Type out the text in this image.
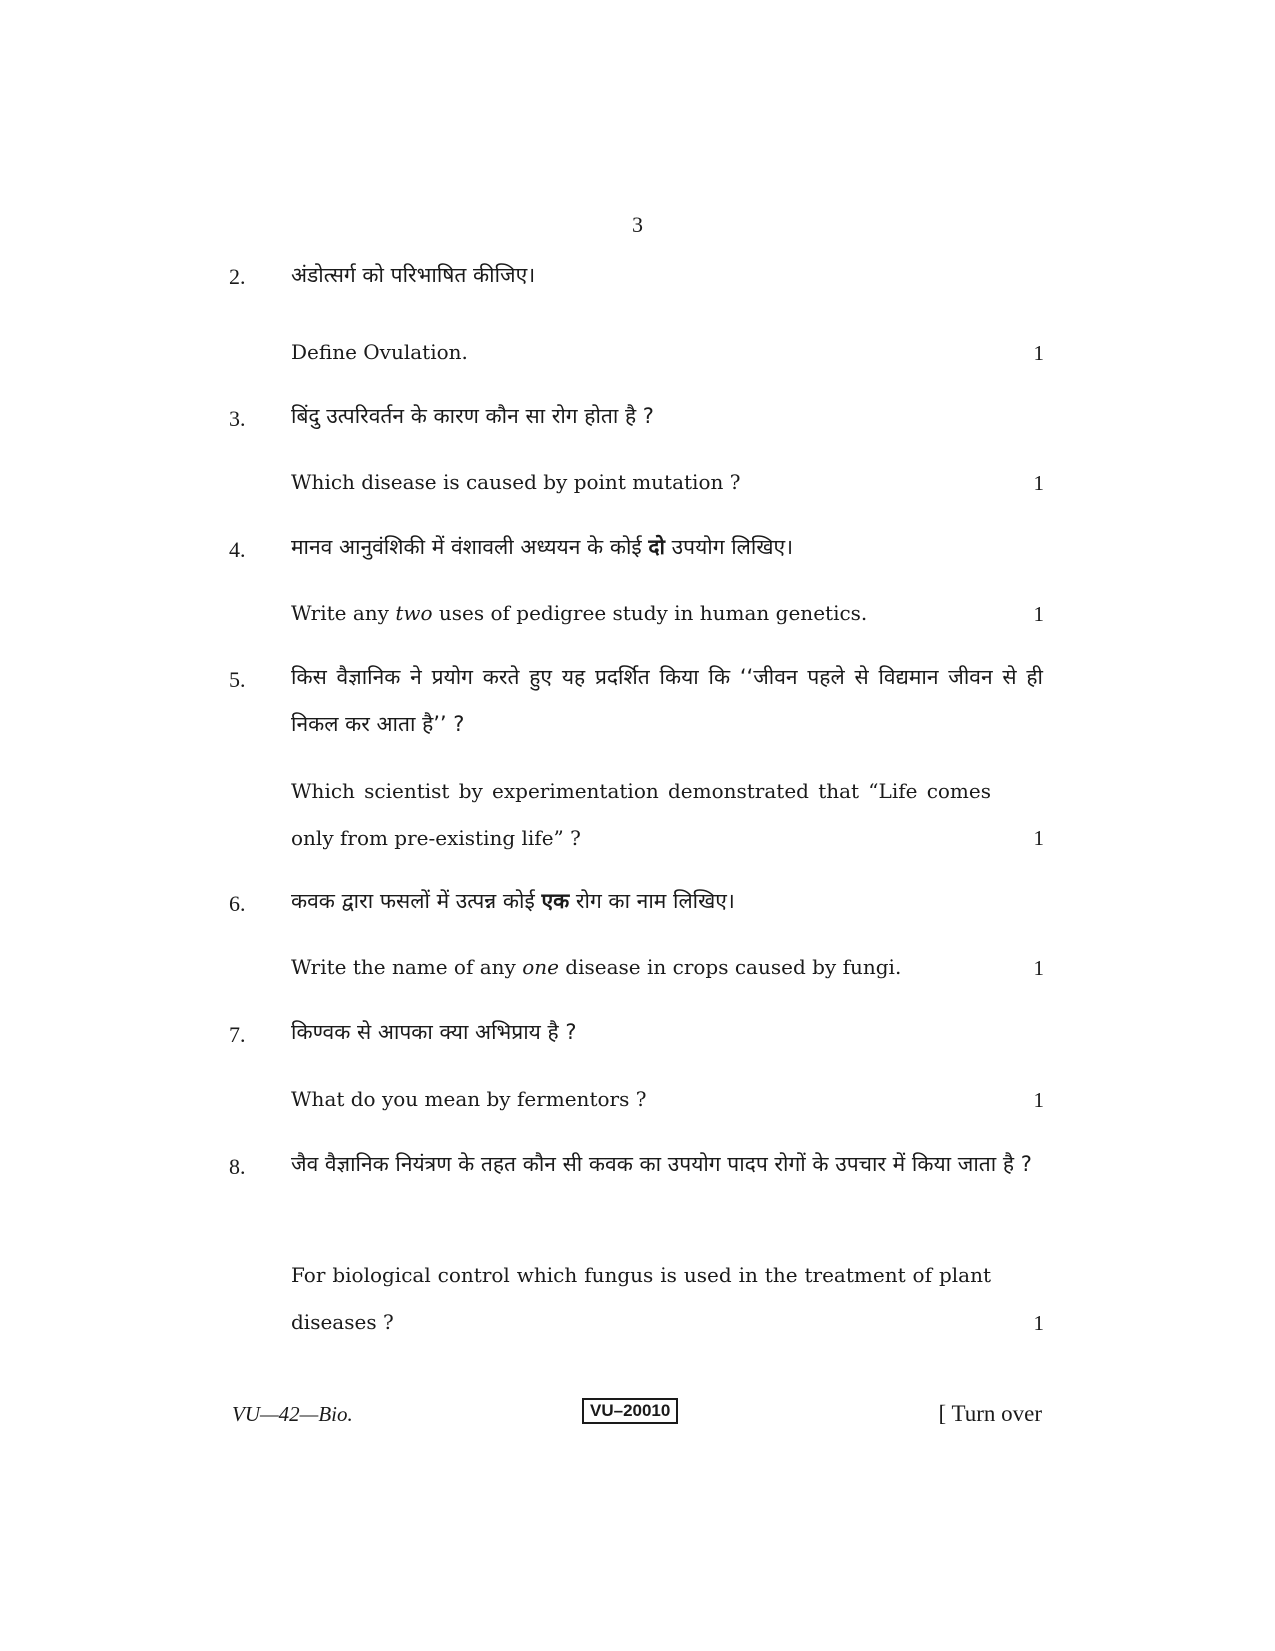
3
2. अंडोत्सर्ग को परिभाषित कीजिए।
Define Ovulation.	1
3. बिंदु उत्परिवर्तन के कारण कौन सा रोग होता है ?
Which disease is caused by point mutation ?	1
4. मानव आनुवंशिकी में वंशावली अध्ययन के कोई दो उपयोग लिखिए।
Write any two uses of pedigree study in human genetics.	1
5. किस वैज्ञानिक ने प्रयोग करते हुए यह प्रदर्शित किया कि ‘‘जीवन पहले से विद्यमान जीवन से ही निकल कर आता है’’ ?
Which scientist by experimentation demonstrated that “Life comes only from pre-existing life” ?	1
6. कवक द्वारा फसलों में उत्पन्न कोई एक रोग का नाम लिखिए।
Write the name of any one disease in crops caused by fungi.	1
7. किण्वक से आपका क्या अभिप्राय है ?
What do you mean by fermentors ?	1
8. जैव वैज्ञानिक नियंत्रण के तहत कौन सी कवक का उपयोग पादप रोगों के उपचार में किया जाता है ?
For biological control which fungus is used in the treatment of plant diseases ?	1
VU—42—Bio.	VU–20010	[ Turn over
